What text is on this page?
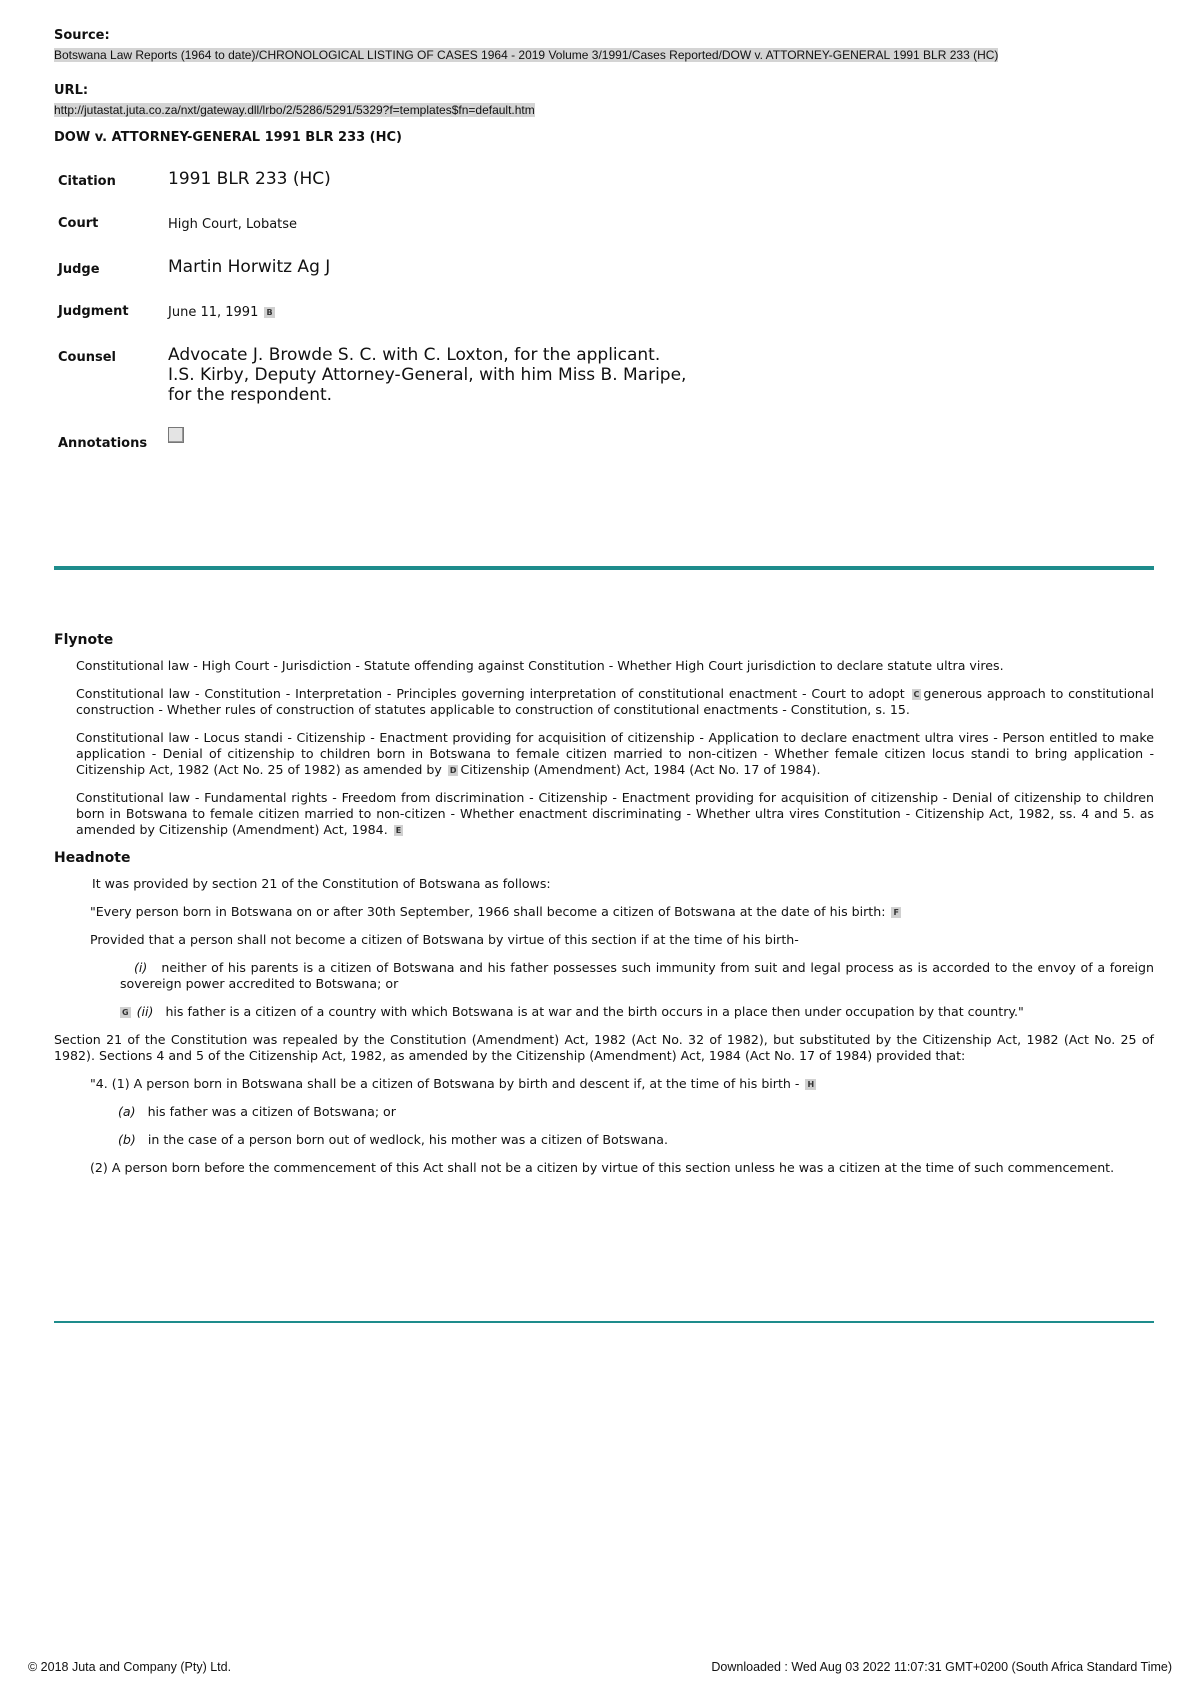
Source:

Botswana Law Reports (1964 to date)/CHRONOLOGICAL LISTING OF CASES 1964 - 2019 Volume 3/1991/Cases Reported/DOW v. ATTORNEY-GENERAL 1991 BLR 233 (HC)

URL:

http://jutastat.juta.co.za/nxt/gateway.dll/lrbo/2/5286/5291/5329?f=templates$fn=default.htm
DOW v. ATTORNEY-GENERAL 1991 BLR 233 (HC)
Citation	1991 BLR 233 (HC)
Court	High Court, Lobatse
Judge	Martin Horwitz Ag J
Judgment	June 11, 1991 B
Counsel	Advocate J. Browde S. C. with C. Loxton, for the applicant.
I.S. Kirby, Deputy Attorney-General, with him Miss B. Maripe, for the respondent.

Annotations	

Flynote

Constitutional law - High Court - Jurisdiction - Statute offending against Constitution - Whether High Court jurisdiction to declare statute ultra vires.

Constitutional law - Constitution - Interpretation - Principles governing interpretation of constitutional enactment - Court to adopt C generous approach to constitutional construction - Whether rules of construction of statutes applicable to construction of constitutional enactments - Constitution, s. 15.

Constitutional law - Locus standi - Citizenship - Enactment providing for acquisition of citizenship - Application to declare enactment ultra vires - Person entitled to make application - Denial of citizenship to children born in Botswana to female citizen married to non-citizen - Whether female citizen locus standi to bring application - Citizenship Act, 1982 (Act No. 25 of 1982) as amended by D Citizenship (Amendment) Act, 1984 (Act No. 17 of 1984).

Constitutional law - Fundamental rights - Freedom from discrimination - Citizenship - Enactment providing for acquisition of citizenship - Denial of citizenship to children born in Botswana to female citizen married to non-citizen - Whether enactment discriminating - Whether ultra vires Constitution - Citizenship Act, 1982, ss. 4 and 5. as amended by Citizenship (Amendment) Act, 1984. E

Headnote

It was provided by section 21 of the Constitution of Botswana as follows:

"Every person born in Botswana on or after 30th September, 1966 shall become a citizen of Botswana at the date of his birth: F

Provided that a person shall not become a citizen of Botswana by virtue of this section if at the time of his birth-

(i) neither of his parents is a citizen of Botswana and his father possesses such immunity from suit and legal process as is accorded to the envoy of a foreign sovereign power accredited to Botswana; or

G (ii) his father is a citizen of a country with which Botswana is at war and the birth occurs in a place then under occupation by that country."

Section 21 of the Constitution was repealed by the Constitution (Amendment) Act, 1982 (Act No. 32 of 1982), but substituted by the Citizenship Act, 1982 (Act No. 25 of 1982). Sections 4 and 5 of the Citizenship Act, 1982, as amended by the Citizenship (Amendment) Act, 1984 (Act No. 17 of 1984) provided that:

"4. (1) A person born in Botswana shall be a citizen of Botswana by birth and descent if, at the time of his birth - H

(a) his father was a citizen of Botswana; or

(b) in the case of a person born out of wedlock, his mother was a citizen of Botswana.

(2) A person born before the commencement of this Act shall not be a citizen by virtue of this section unless he was a citizen at the time of such commencement.

© 2018 Juta and Company (Pty) Ltd.	Downloaded : Wed Aug 03 2022 11:07:31 GMT+0200 (South Africa Standard Time)
